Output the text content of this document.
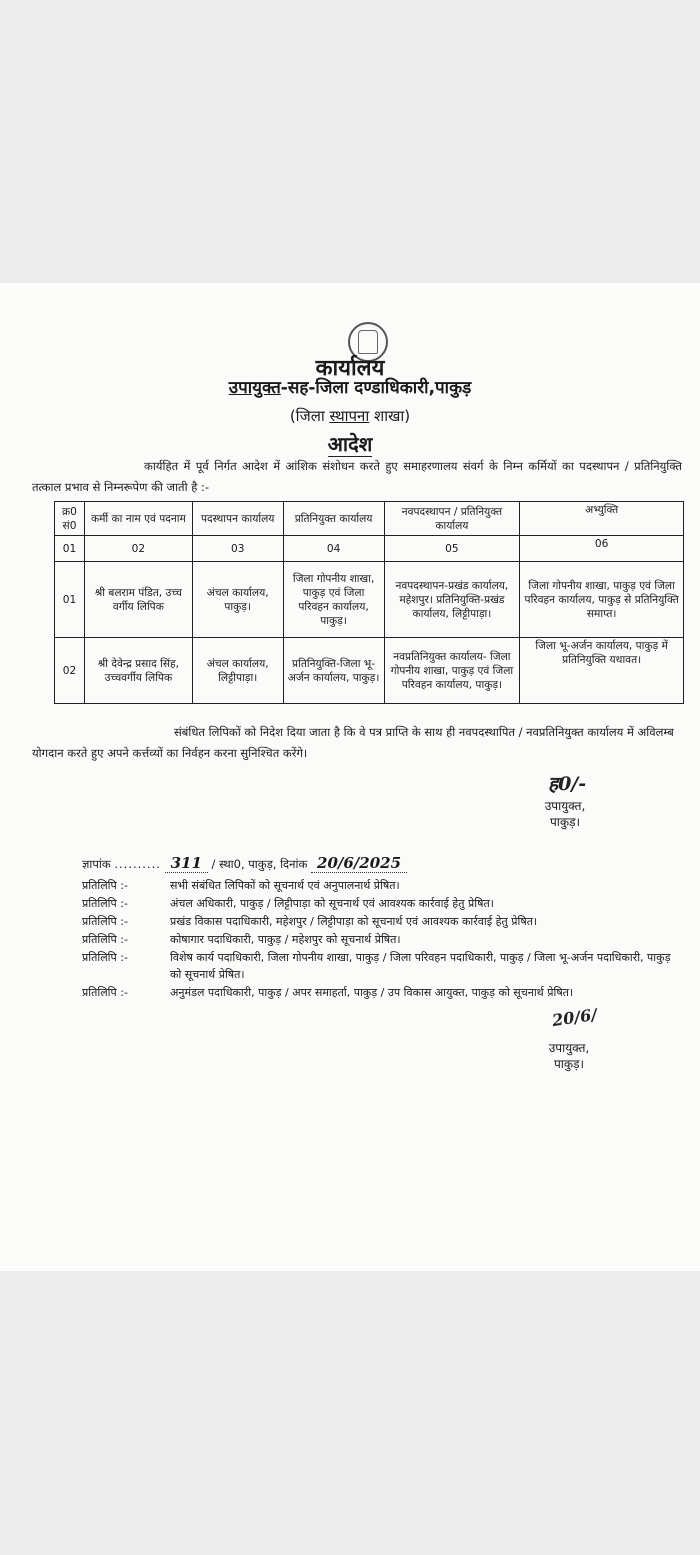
कार्यालय
उपायुक्त-सह-जिला दण्डाधिकारी,पाकुड़
(जिला स्थापना शाखा)
आदेश
कार्यहित में पूर्व निर्गत आदेश में आंशिक संशोधन करते हुए समाहरणालय संवर्ग के निम्न कर्मियों का पदस्थापन / प्रतिनियुक्ति तत्काल प्रभाव से निम्नरूपेण की जाती है :-
क्र0 सं0	कर्मी का नाम एवं पदनाम	पदस्थापन कार्यालय	प्रतिनियुक्त कार्यालय	नवपदस्थापन / प्रतिनियुक्त कार्यालय	अभ्युक्ति
01	02	03	04	05	06
01	श्री बलराम पंडित, उच्च वर्गीय लिपिक	अंचल कार्यालय, पाकुड़।	जिला गोपनीय शाखा, पाकुड़ एवं जिला परिवहन कार्यालय, पाकुड़।	नवपदस्थापन-प्रखंड कार्यालय, महेशपुर। प्रतिनियुक्ति-प्रखंड कार्यालय, लिट्टीपाड़ा।	जिला गोपनीय शाखा, पाकुड़ एवं जिला परिवहन कार्यालय, पाकुड़ से प्रतिनियुक्ति समाप्त।
02	श्री देवेन्द्र प्रसाद सिंह, उच्चवर्गीय लिपिक	अंचल कार्यालय, लिट्टीपाड़ा।	प्रतिनियुक्ति-जिला भू-अर्जन कार्यालय, पाकुड़।	नवप्रतिनियुक्त कार्यालय- जिला गोपनीय शाखा, पाकुड़ एवं जिला परिवहन कार्यालय, पाकुड़।	जिला भू-अर्जन कार्यालय, पाकुड़ में प्रतिनियुक्ति यथावत।
संबंधित लिपिकों को निदेश दिया जाता है कि वे पत्र प्राप्ति के साथ ही नवपदस्थापित / नवप्रतिनियुक्त कार्यालय में अविलम्ब योगदान करते हुए अपने कर्त्तव्यों का निर्वहन करना सुनिश्चित करेंगे।
ह0/-
उपायुक्त,
पाकुड़।
ज्ञापांक .......... 311 / स्था0, पाकुड़, दिनांक 20/6/2025
प्रतिलिपि :-	सभी संबंधित लिपिकों को सूचनार्थ एवं अनुपालनार्थ प्रेषित।
प्रतिलिपि :-	अंचल अधिकारी, पाकुड़ / लिट्टीपाड़ा को सूचनार्थ एवं आवश्यक कार्रवाई हेतु प्रेषित।
प्रतिलिपि :-	प्रखंड विकास पदाधिकारी, महेशपुर / लिट्टीपाड़ा को सूचनार्थ एवं आवश्यक कार्रवाई हेतु प्रेषित।
प्रतिलिपि :-	कोषागार पदाधिकारी, पाकुड़ / महेशपुर को सूचनार्थ प्रेषित।
प्रतिलिपि :-	विशेष कार्य पदाधिकारी, जिला गोपनीय शाखा, पाकुड़ / जिला परिवहन पदाधिकारी, पाकुड़ / जिला भू-अर्जन पदाधिकारी, पाकुड़ को सूचनार्थ प्रेषित।
प्रतिलिपि :-	अनुमंडल पदाधिकारी, पाकुड़ / अपर समाहर्ता, पाकुड़ / उप विकास आयुक्त, पाकुड़ को सूचनार्थ प्रेषित।
20/6/
उपायुक्त,
पाकुड़।
